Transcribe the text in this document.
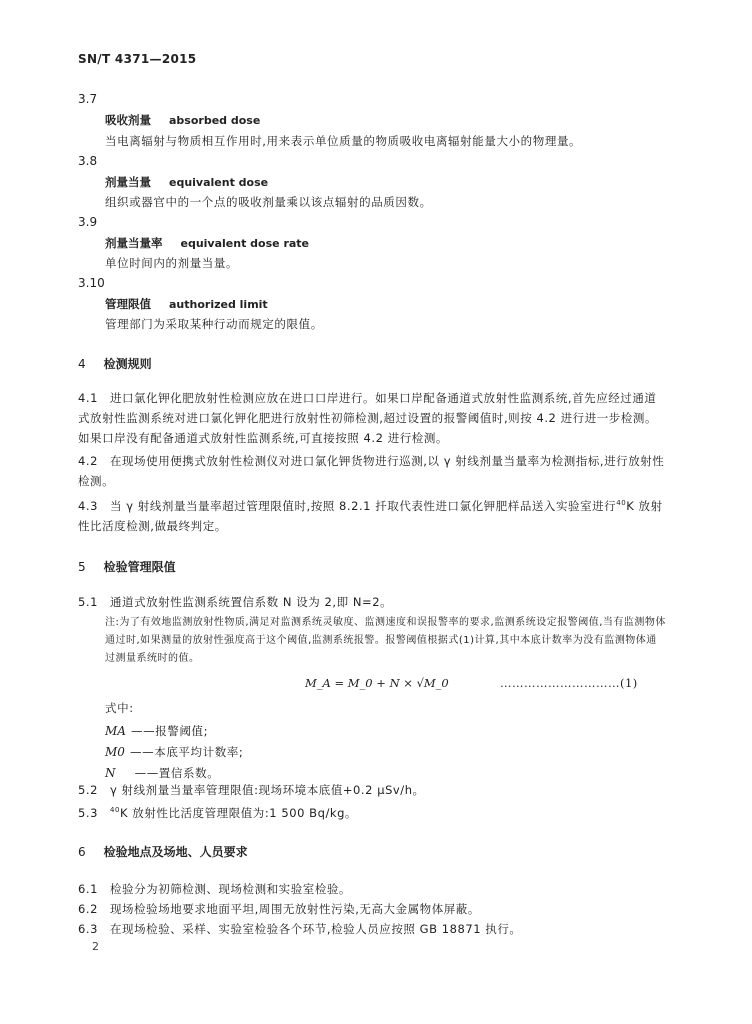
SN/T 4371—2015
3.7
吸收剂量 absorbed dose
当电离辐射与物质相互作用时,用来表示单位质量的物质吸收电离辐射能量大小的物理量。
3.8
剂量当量 equivalent dose
组织或器官中的一个点的吸收剂量乘以该点辐射的品质因数。
3.9
剂量当量率 equivalent dose rate
单位时间内的剂量当量。
3.10
管理限值 authorized limit
管理部门为采取某种行动而规定的限值。
4 检测规则
4.1　进口氯化钾化肥放射性检测应放在进口口岸进行。如果口岸配备通道式放射性监测系统,首先应经过通道式放射性监测系统对进口氯化钾化肥进行放射性初筛检测,超过设置的报警阈值时,则按 4.2 进行进一步检测。如果口岸没有配备通道式放射性监测系统,可直接按照 4.2 进行检测。
4.2　在现场使用便携式放射性检测仪对进口氯化钾货物进行巡测,以 γ 射线剂量当量率为检测指标,进行放射性检测。
4.3　当 γ 射线剂量当量率超过管理限值时,按照 8.2.1 扦取代表性进口氯化钾肥样品送入实验室进行$^{40}$K 放射性比活度检测,做最终判定。
5 检验管理限值
5.1　通道式放射性监测系统置信系数 N 设为 2,即 N=2。
注:为了有效地监测放射性物质,满足对监测系统灵敏度、监测速度和误报警率的要求,监测系统设定报警阈值,当有监测物体通过时,如果测量的放射性强度高于这个阈值,监测系统报警。报警阈值根据式(1)计算,其中本底计数率为没有监测物体通过测量系统时的值。
M_A = M_0 + N × √M_0	…………………………(1)
式中:
MA ——报警阈值;
M0 ——本底平均计数率;
N ——置信系数。
5.2　γ 射线剂量当量率管理限值:现场环境本底值+0.2 μSv/h。
5.3　$^{40}$K 放射性比活度管理限值为:1 500 Bq/kg。
6 检验地点及场地、人员要求
6.1　检验分为初筛检测、现场检测和实验室检验。
6.2　现场检验场地要求地面平坦,周围无放射性污染,无高大金属物体屏蔽。
6.3　在现场检验、采样、实验室检验各个环节,检验人员应按照 GB 18871 执行。
2
